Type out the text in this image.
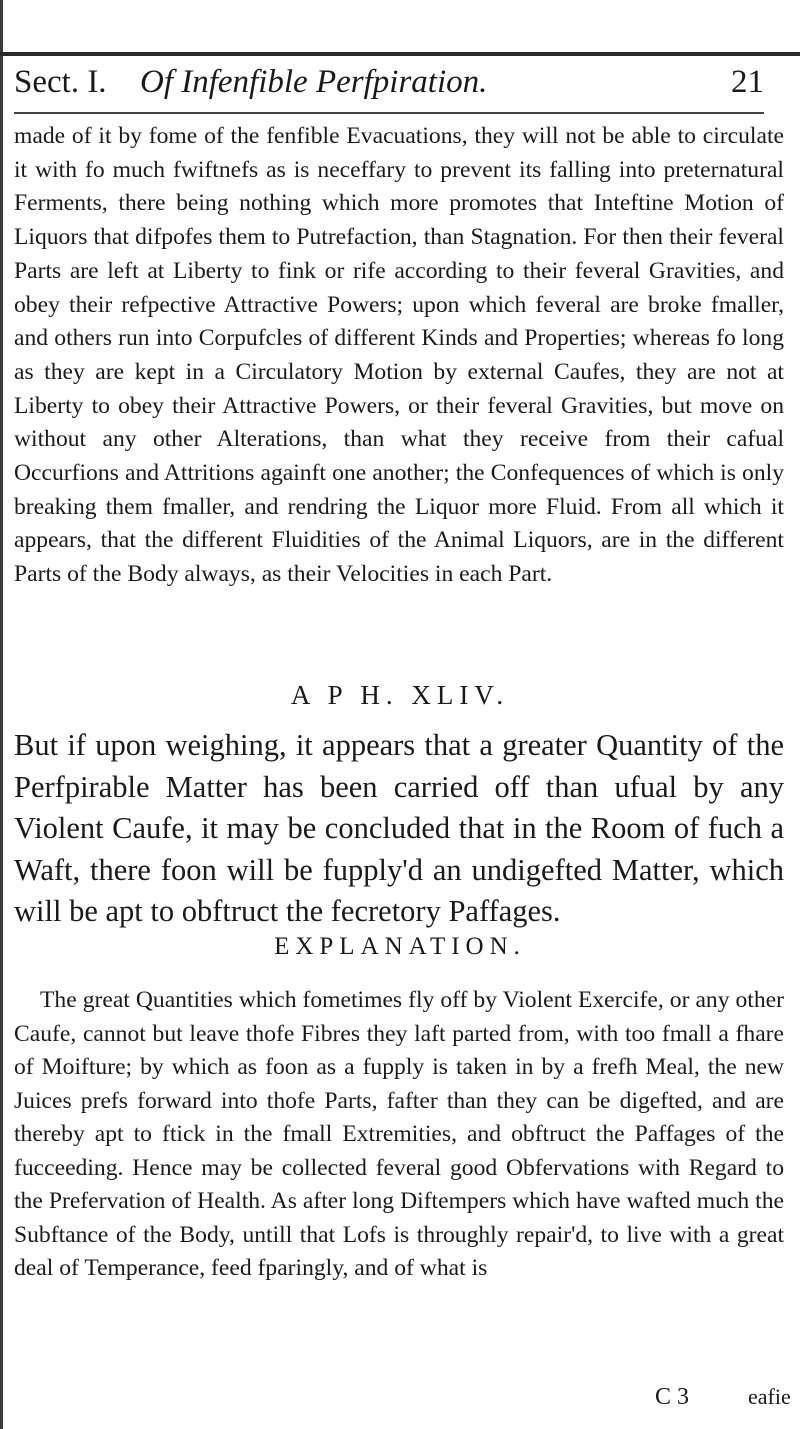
Sect. I. Of Infenfible Perfpiration.	21

made of it by fome of the fenfible Evacuations, they will not be able to circulate it with fo much fwiftnefs as is neceffary to prevent its falling into preternatural Ferments, there being nothing which more promotes that Inteftine Motion of Liquors that difpofes them to Putrefaction, than Stagnation. For then their feveral Parts are left at Liberty to fink or rife according to their feveral Gravities, and obey their refpective Attractive Powers; upon which feveral are broke fmaller, and others run into Corpufcles of different Kinds and Properties; whereas fo long as they are kept in a Circulatory Motion by external Caufes, they are not at Liberty to obey their Attractive Powers, or their feveral Gravities, but move on without any other Alterations, than what they receive from their cafual Occurfions and Attritions againft one another; the Confequences of which is only breaking them fmaller, and rendring the Liquor more Fluid. From all which it appears, that the different Fluidities of the Animal Liquors, are in the different Parts of the Body always, as their Velocities in each Part.

A P H. XLIV.

But if upon weighing, it appears that a greater Quantity of the Perfpirable Matter has been carried off than ufual by any Violent Caufe, it may be concluded that in the Room of fuch a Waft, there foon will be fupply'd an undigefted Matter, which will be apt to obftruct the fecretory Paffages.

EXPLANATION.

The great Quantities which fometimes fly off by Violent Exercife, or any other Caufe, cannot but leave thofe Fibres they laft parted from, with too fmall a fhare of Moifture; by which as foon as a fupply is taken in by a frefh Meal, the new Juices prefs forward into thofe Parts, fafter than they can be digefted, and are thereby apt to ftick in the fmall Extremities, and obftruct the Paffages of the fucceeding. Hence may be collected feveral good Obfervations with Regard to the Prefervation of Health. As after long Diftempers which have wafted much the Subftance of the Body, untill that Lofs is throughly repair'd, to live with a great deal of Temperance, feed fparingly, and of what is

C 3	eafie
